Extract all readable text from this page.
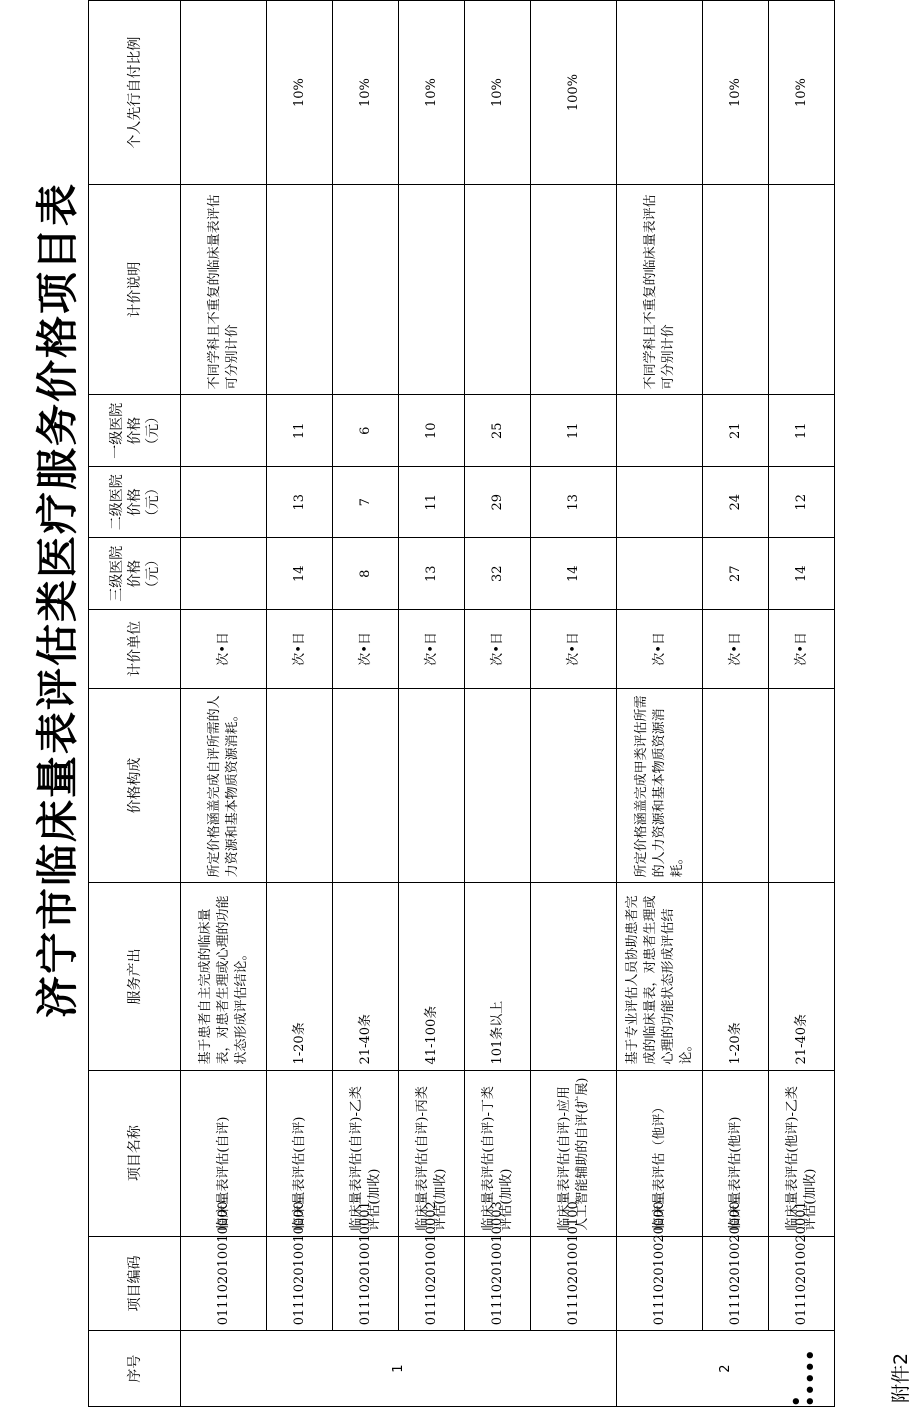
附件2
济宁市临床量表评估类医疗服务价格项目表
序号	项目编码	项目名称	服务产出	价格构成	计价单位	三级医院价格（元）	二级医院价格（元）	一级医院价格（元）	计价说明	个人先行自付比例
1	011102010010000	临床量表评估(自评)	基于患者自主完成的临床量表，对患者生理或心理的功能状态形成评估结论。	所定价格涵盖完成自评所需的人力资源和基本物质资源消耗。	次•日				不同学科且不重复的临床量表评估可分别计价	
	011102010010000	临床量表评估(自评)	1-20条		次•日	14	13	11		10%
	011102010010001	临床量表评估(自评)-乙类评估(加收)	21-40条		次•日	8	7	6		10%
	011102010010002	临床量表评估(自评)-丙类评估(加收)	41-100条		次•日	13	11	10		10%
	011102010010003	临床量表评估(自评)-丁类评估(加收)	101条以上		次•日	32	29	25		10%
	011102010010100	临床量表评估(自评)-应用人工智能辅助的自评(扩展)			次•日	14	13	11		100%
2	011102010020000	临床量表评估（他评）	基于专业评估人员协助患者完成的临床量表，对患者生理或心理的功能状态形成评估结论。	所定价格涵盖完成甲类评估所需的人力资源和基本物质资源消耗。	次•日				不同学科且不重复的临床量表评估可分别计价	
	011102010020000	临床量表评估(他评)	1-20条		次•日	27	24	21		10%
	011102010020001	临床量表评估(他评)-乙类评估(加收)	21-40条		次•日	14	12	11		10%
• •••••
